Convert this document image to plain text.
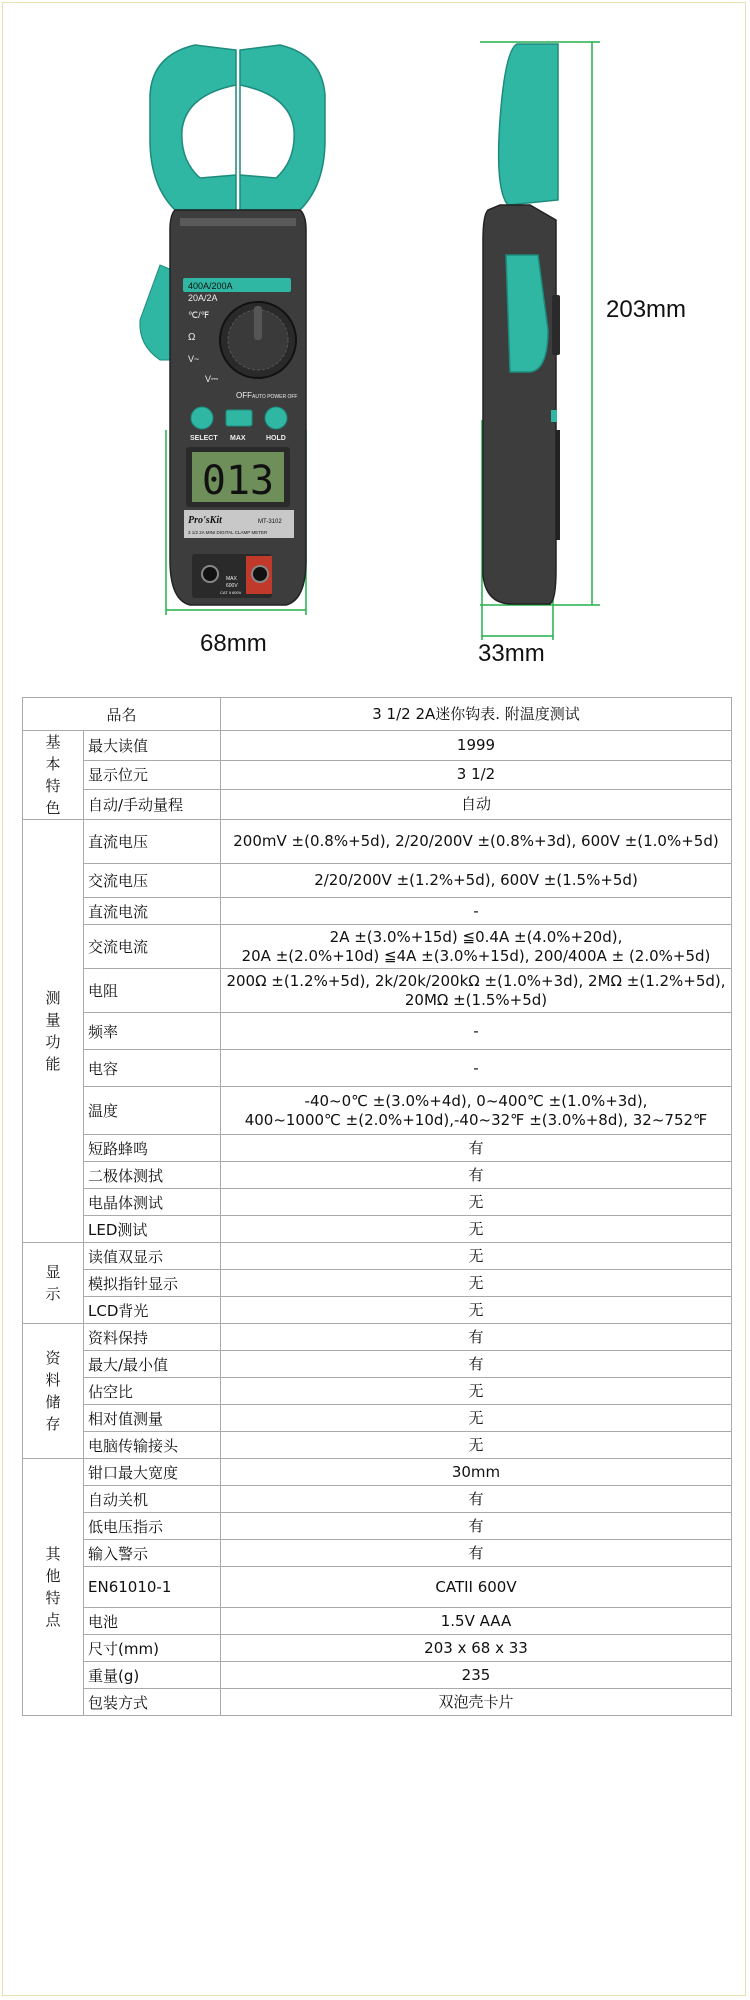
400A/200A
20A/2A
℃/℉
Ω
V~
V⎓
OFF AUTO POWER OFF
SELECT MAX	HOLD
013
Pro'sKit	MT-3102
3 1/2 2A MINI DIGITAL CLAMP METER
MAX
600V
CAT II 600V
68mm	33mm
203mm
品名		3 1/2 2A迷你钩表. 附温度测试
基
本
特
色	最大读值	1999
	显示位元	3 1/2
	自动/手动量程	自动
测
量
功
能	直流电压	200mV ±(0.8%+5d), 2/20/200V ±(0.8%+3d), 600V ±(1.0%+5d)
	交流电压	2/20/200V ±(1.2%+5d), 600V ±(1.5%+5d)
	直流电流	-
	交流电流	2A ±(3.0%+15d) ≦0.4A ±(4.0%+20d),
20A ±(2.0%+10d) ≦4A ±(3.0%+15d), 200/400A ± (2.0%+5d)
	电阻	200Ω ±(1.2%+5d), 2k/20k/200kΩ ±(1.0%+3d), 2MΩ ±(1.2%+5d),
20MΩ ±(1.5%+5d)
	频率	-
	电容	-
	温度	-40~0℃ ±(3.0%+4d), 0~400℃ ±(1.0%+3d),
400~1000℃ ±(2.0%+10d),-40~32℉ ±(3.0%+8d), 32~752℉
	短路蜂鸣	有
	二极体测拭	有
	电晶体测试	无
	LED测试	无
显
示	读值双显示	无
	模拟指针显示	无
	LCD背光	无
资
料
储
存	资料保持	有
	最大/最小值	有
	佔空比	无
	相对值测量	无
	电脑传输接头	无
其
他
特
点	钳口最大宽度	30mm
	自动关机	有
	低电压指示	有
	输入警示	有
	EN61010-1	CATII 600V
	电池	1.5V AAA
	尺寸(mm)	203 x 68 x 33
	重量(g)	235
	包装方式	双泡壳卡片
